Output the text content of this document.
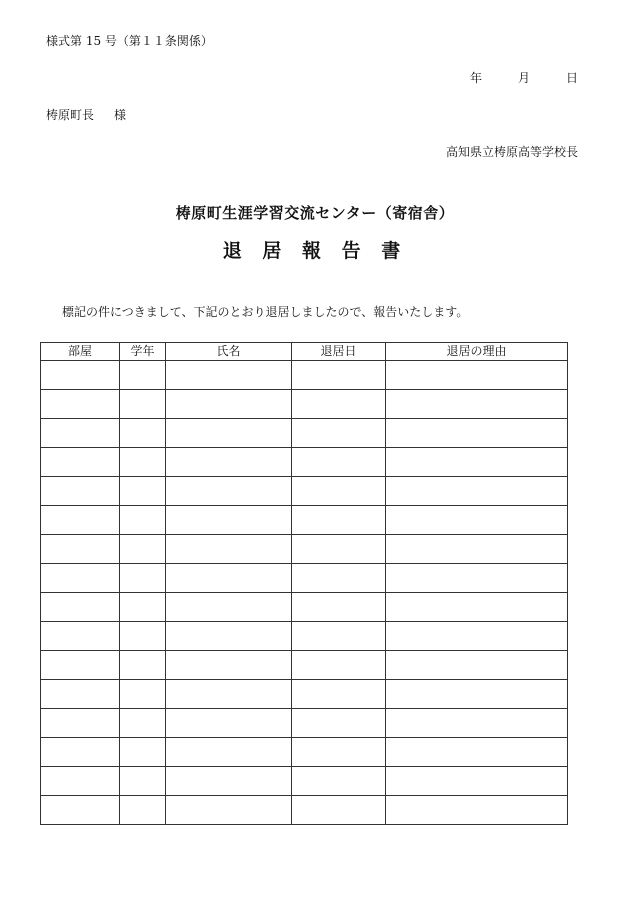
様式第 15 号（第１１条関係）
年	月	日
梼原町長 様
高知県立梼原高等学校長
梼原町生涯学習交流センター（寄宿舎）
退 居 報 告 書
標記の件につきまして、下記のとおり退居しましたので、報告いたします。
部屋	学年	氏名	退居日	退居の理由
